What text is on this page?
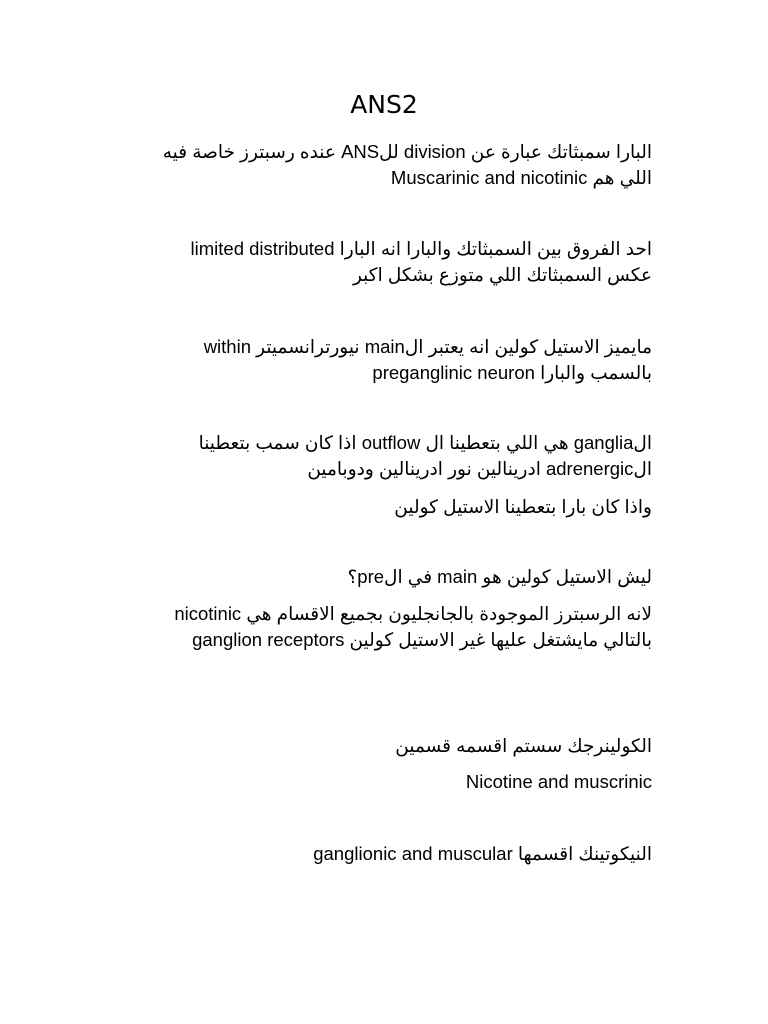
ANS2

البارا سمبثاتك عبارة عن division للANS عنده رسبترز خاصة فيه
اللي هم Muscarinic and nicotinic

احد الفروق بين السمبثاتك والبارا انه البارا limited distributed
عكس السمبثاتك اللي متوزع بشكل اكبر

مايميز الاستيل كولين انه يعتبر الmain نيورترانسميتر within
preganglinic neuron بالسمب والبارا

الganglia هي اللي بتعطينا ال outflow اذا كان سمب بتعطينا
الadrenergic ادرينالين نور ادرينالين ودوبامين

واذا كان بارا بتعطينا الاستيل كولين

ليش الاستيل كولين هو main في الpre؟

لانه الرسبترز الموجودة بالجانجليون بجميع الاقسام هي nicotinic
ganglion receptors بالتالي مايشتغل عليها غير الاستيل كولين

الكولينرجك سستم اقسمه قسمين

Nicotine and muscrinic

النيكوتينك اقسمها ganglionic and muscular
